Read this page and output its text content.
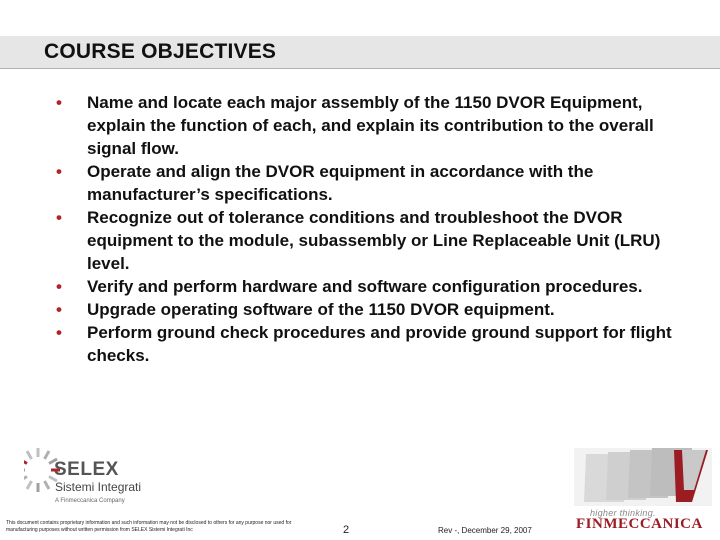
COURSE OBJECTIVES
• Name and locate each major assembly of the 1150 DVOR Equipment, explain the function of each, and explain its contribution to the overall signal flow.
• Operate and align the DVOR equipment in accordance with the manufacturer’s specifications.
• Recognize out of tolerance conditions and troubleshoot the DVOR equipment to the module, subassembly or Line Replaceable Unit (LRU) level.
• Verify and perform hardware and software configuration procedures.
• Upgrade operating software of the 1150 DVOR equipment.
• Perform ground check procedures and provide ground support for flight checks.
SELEX
Sistemi Integrati
A Finmeccanica Company
This document contains proprietary information and such information may not be disclosed to others for any purpose nor used for manufacturing purposes without written permission from SELEX Sistemi Integrati Inc	2	Rev -, December 29, 2007
higher thinking.
FINMECCANICA
